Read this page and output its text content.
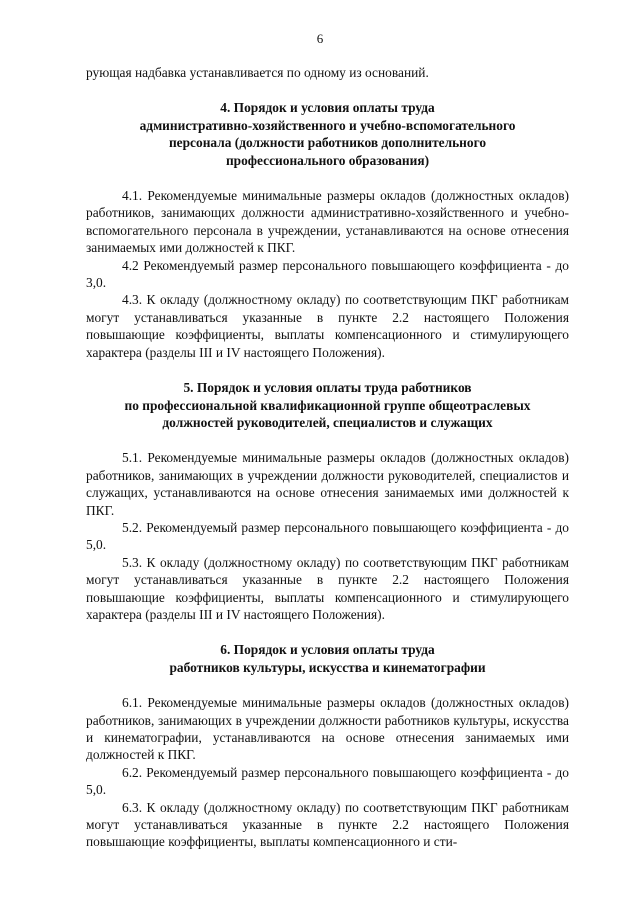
6

рующая надбавка устанавливается по одному из оснований.

4. Порядок и условия оплаты труда
административно-хозяйственного и учебно-вспомогательного
персонала (должности работников дополнительного
профессионального образования)

4.1. Рекомендуемые минимальные размеры окладов (должностных окладов) работников, занимающих должности административно-хозяйственного и учебно-вспомогательного персонала в учреждении, устанавливаются на основе отнесения занимаемых ими должностей к ПКГ.

4.2 Рекомендуемый размер персонального повышающего коэффициента - до 3,0.

4.3. К окладу (должностному окладу) по соответствующим ПКГ работникам могут устанавливаться указанные в пункте 2.2 настоящего Положения повышающие коэффициенты, выплаты компенсационного и стимулирующего характера (разделы III и IV настоящего Положения).

5. Порядок и условия оплаты труда работников
по профессиональной квалификационной группе общеотраслевых
должностей руководителей, специалистов и служащих

5.1. Рекомендуемые минимальные размеры окладов (должностных окладов) работников, занимающих в учреждении должности руководителей, специалистов и служащих, устанавливаются на основе отнесения занимаемых ими должностей к ПКГ.

5.2. Рекомендуемый размер персонального повышающего коэффициента - до 5,0.

5.3. К окладу (должностному окладу) по соответствующим ПКГ работникам могут устанавливаться указанные в пункте 2.2 настоящего Положения повышающие коэффициенты, выплаты компенсационного и стимулирующего характера (разделы III и IV настоящего Положения).

6. Порядок и условия оплаты труда
работников культуры, искусства и кинематографии

6.1. Рекомендуемые минимальные размеры окладов (должностных окладов) работников, занимающих в учреждении должности работников культуры, искусства и кинематографии, устанавливаются на основе отнесения занимаемых ими должностей к ПКГ.

6.2. Рекомендуемый размер персонального повышающего коэффициента - до 5,0.

6.3. К окладу (должностному окладу) по соответствующим ПКГ работникам могут устанавливаться указанные в пункте 2.2 настоящего Положения повышающие коэффициенты, выплаты компенсационного и сти-
